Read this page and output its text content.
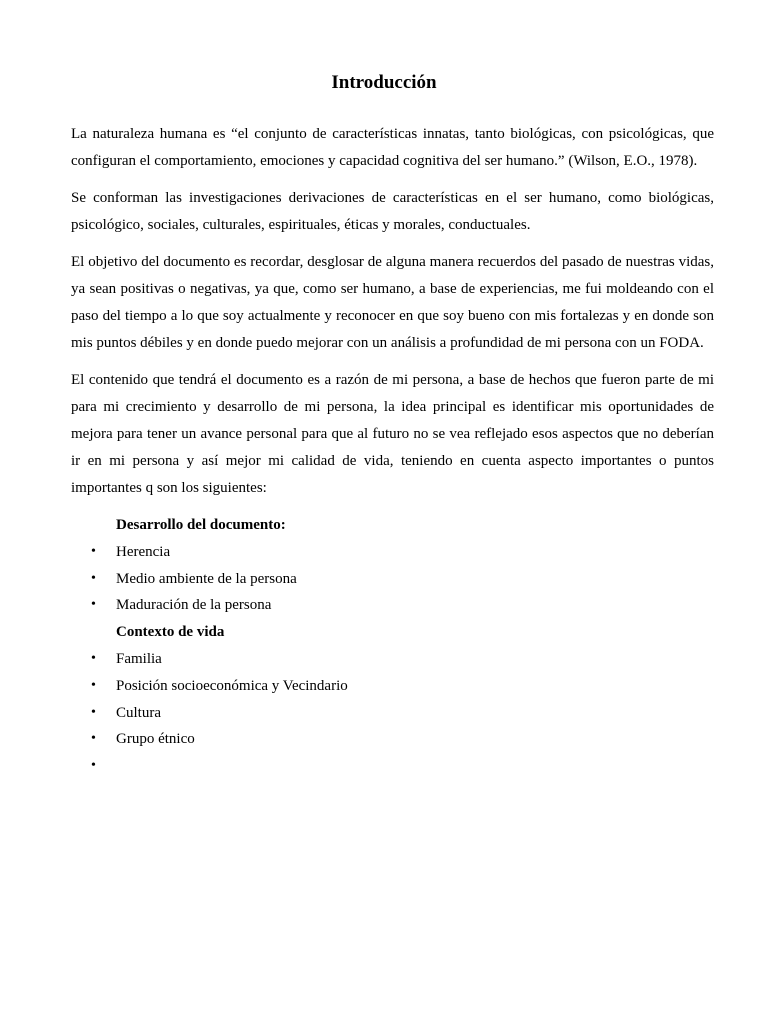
Introducción

La naturaleza humana es “el conjunto de características innatas, tanto biológicas, con psicológicas, que configuran el comportamiento, emociones y capacidad cognitiva del ser humano.” (Wilson, E.O., 1978).

Se conforman las investigaciones derivaciones de características en el ser humano, como biológicas, psicológico, sociales, culturales, espirituales, éticas y morales, conductuales.

El objetivo del documento es recordar, desglosar de alguna manera recuerdos del pasado de nuestras vidas, ya sean positivas o negativas, ya que, como ser humano, a base de experiencias, me fui moldeando con el paso del tiempo a lo que soy actualmente y reconocer en que soy bueno con mis fortalezas y en donde son mis puntos débiles y en donde puedo mejorar con un análisis a profundidad de mi persona con un FODA.

El contenido que tendrá el documento es a razón de mi persona, a base de hechos que fueron parte de mi para mi crecimiento y desarrollo de mi persona, la idea principal es identificar mis oportunidades de mejora para tener un avance personal para que al futuro no se vea reflejado esos aspectos que no deberían ir en mi persona y así mejor mi calidad de vida, teniendo en cuenta aspecto importantes o puntos importantes q son los siguientes:

Desarrollo del documento:
• Herencia
• Medio ambiente de la persona
• Maduración de la persona
Contexto de vida
• Familia
• Posición socioeconómica y Vecindario
• Cultura
• Grupo étnico
•
